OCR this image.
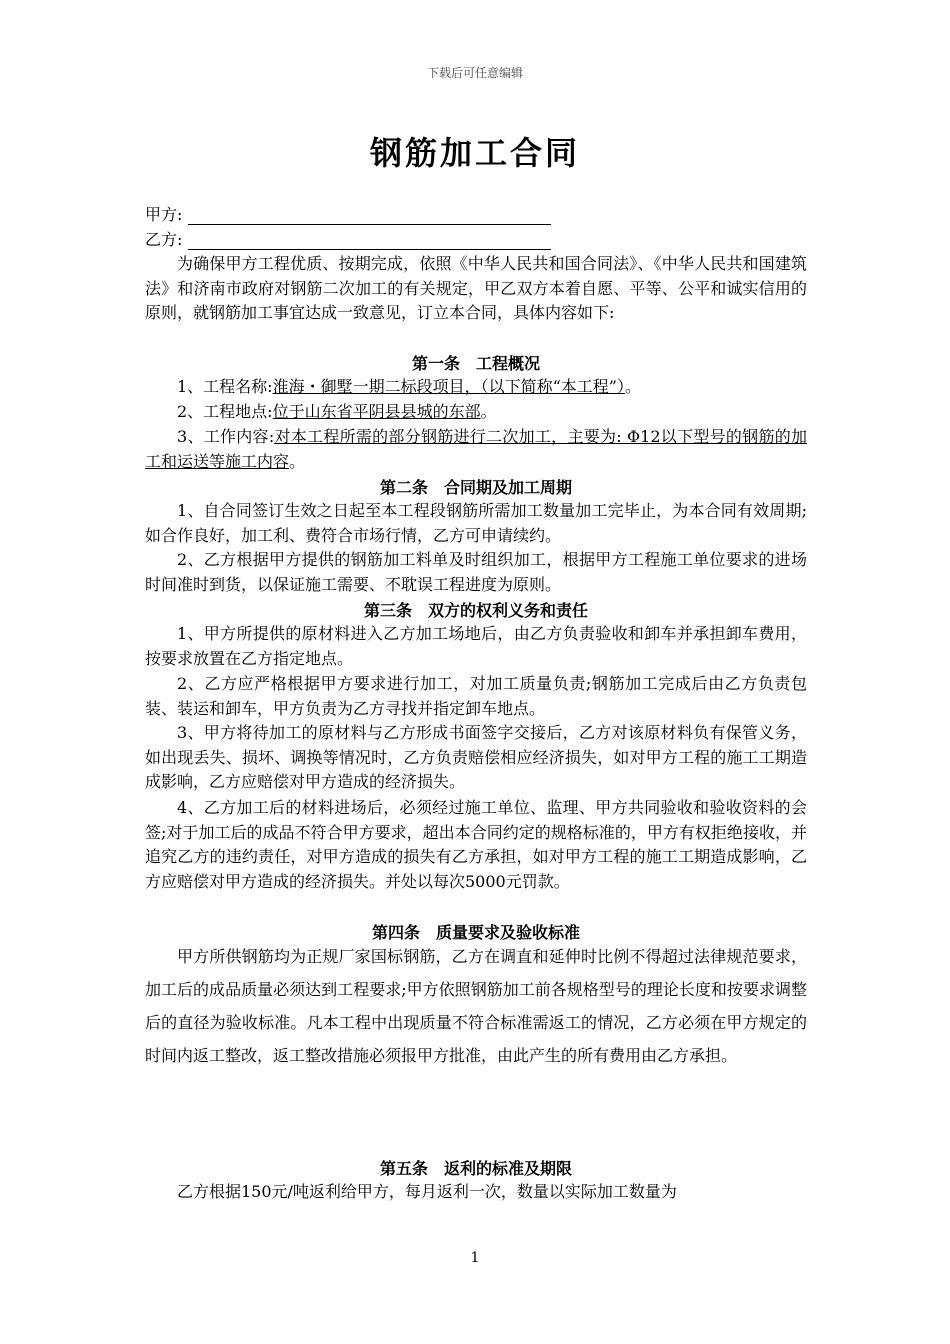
下载后可任意编辑
钢筋加工合同
甲方:
乙方:
为确保甲方工程优质、按期完成，依照《中华人民共和国合同法》、《中华人民共和国建筑法》和济南市政府对钢筋二次加工的有关规定，甲乙双方本着自愿、平等、公平和诚实信用的原则，就钢筋加工事宜达成一致意见，订立本合同，具体内容如下:
第一条　工程概况
1、工程名称:淮海・御墅一期二标段项目，（以下简称“本工程”）。
2、工程地点:位于山东省平阴县县城的东部。
3、工作内容:对本工程所需的部分钢筋进行二次加工，主要为: Φ12以下型号的钢筋的加工和运送等施工内容。
第二条　合同期及加工周期
1、自合同签订生效之日起至本工程段钢筋所需加工数量加工完毕止，为本合同有效周期;如合作良好，加工利、费符合市场行情，乙方可申请续约。
2、乙方根据甲方提供的钢筋加工料单及时组织加工，根据甲方工程施工单位要求的进场时间准时到货，以保证施工需要、不耽误工程进度为原则。
第三条　双方的权利义务和责任
1、甲方所提供的原材料进入乙方加工场地后，由乙方负责验收和卸车并承担卸车费用，按要求放置在乙方指定地点。
2、乙方应严格根据甲方要求进行加工，对加工质量负责;钢筋加工完成后由乙方负责包装、装运和卸车，甲方负责为乙方寻找并指定卸车地点。
3、甲方将待加工的原材料与乙方形成书面签字交接后，乙方对该原材料负有保管义务，如出现丢失、损坏、调换等情况时，乙方负责赔偿相应经济损失，如对甲方工程的施工工期造成影响，乙方应赔偿对甲方造成的经济损失。
4、乙方加工后的材料进场后，必须经过施工单位、监理、甲方共同验收和验收资料的会签;对于加工后的成品不符合甲方要求，超出本合同约定的规格标准的，甲方有权拒绝接收，并追究乙方的违约责任，对甲方造成的损失有乙方承担，如对甲方工程的施工工期造成影响，乙方应赔偿对甲方造成的经济损失。并处以每次5000元罚款。
第四条　质量要求及验收标准
甲方所供钢筋均为正规厂家国标钢筋，乙方在调直和延伸时比例不得超过法律规范要求，加工后的成品质量必须达到工程要求;甲方依照钢筋加工前各规格型号的理论长度和按要求调整后的直径为验收标准。凡本工程中出现质量不符合标准需返工的情况，乙方必须在甲方规定的时间内返工整改，返工整改措施必须报甲方批准，由此产生的所有费用由乙方承担。
第五条　返利的标准及期限
乙方根据150元/吨返利给甲方，每月返利一次，数量以实际加工数量为
1
